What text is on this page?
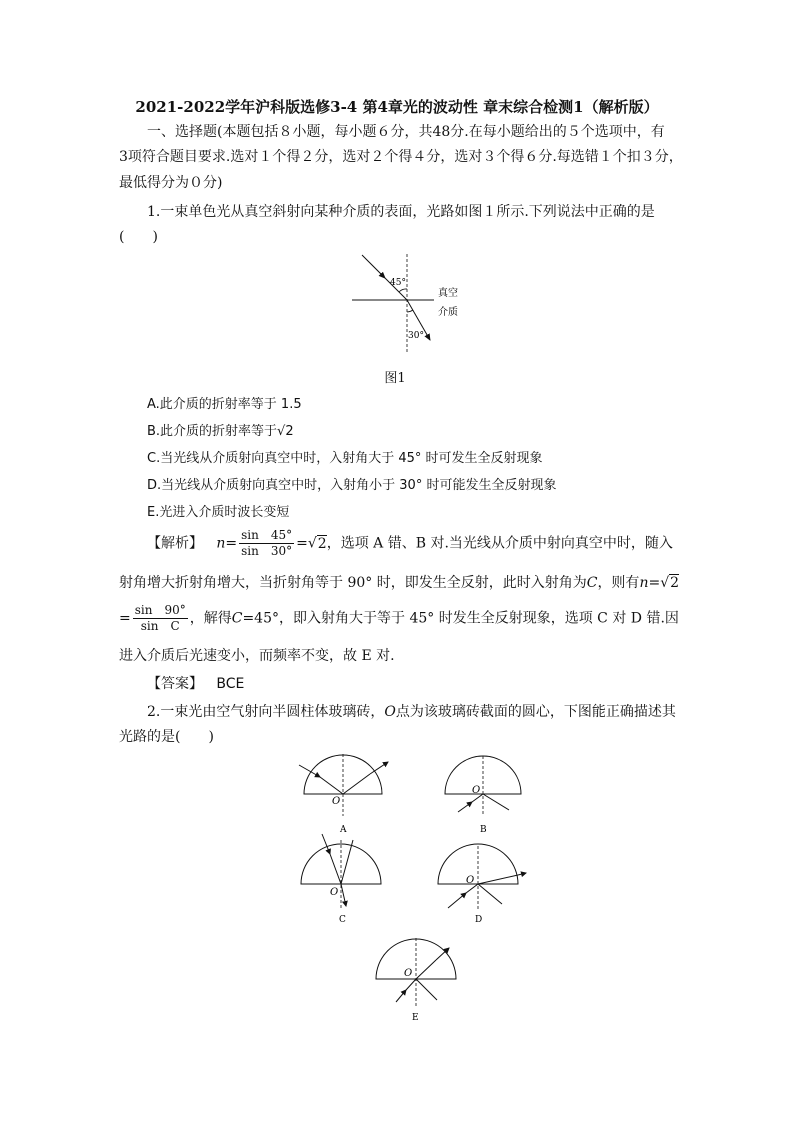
2021-2022学年沪科版选修3-4 第4章光的波动性 章末综合检测1（解析版）
一、选择题(本题包括８小题，每小题６分，共48分.在每小题给出的５个选项中，有
3项符合题目要求.选对１个得２分，选对２个得４分，选对３个得６分.每选错１个扣３分，
最低得分为０分)
1.一束单色光从真空斜射向某种介质的表面，光路如图１所示.下列说法中正确的是
(　　)
45°
30°
真空
介质
图1
A.此介质的折射率等于 1.5
B.此介质的折射率等于√2
C.当光线从介质射向真空中时，入射角大于 45° 时可发生全反射现象
D.当光线从介质射向真空中时，入射角小于 30° 时可能发生全反射现象
E.光进入介质时波长变短
【解析】 $n= \frac{\sin 45^\circ}{\sin 30^\circ} =√2$，选项 A 错、B 对.当光线从介质中射向真空中时，随入
射角增大折射角增大，当折射角等于 90° 时，即发生全反射，此时入射角为C，则有n=√2
= $\frac{\sin 90^\circ}{\text{sin　C}}$ ，解得C=45°，即入射角大于等于 45° 时发生全反射现象，选项 C 对 D 错.因
进入介质后光速变小，而频率不变，故 E 对.
【答案】 BCE
2.一束光由空气射向半圆柱体玻璃砖，O点为该玻璃砖截面的圆心，下图能正确描述其
光路的是(　　)
O
A
O
B
O
C
O
D
O
E
